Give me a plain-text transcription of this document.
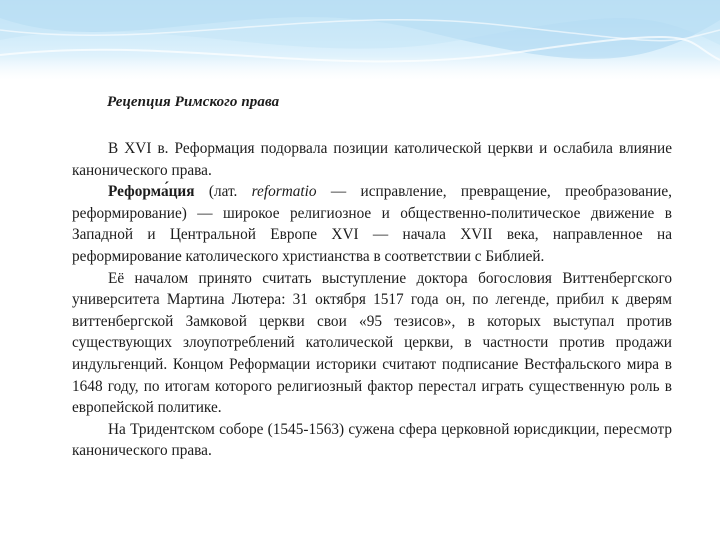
Рецепция Римского права

В XVI в. Реформация подорвала позиции католической церкви и ослабила влияние канонического права.

Реформа́ция (лат. reformatio — исправление, превращение, преобразование, реформирование) — широкое религиозное и общественно-политическое движение в Западной и Центральной Европе XVI — начала XVII века, направленное на реформирование католического христианства в соответствии с Библией.

Её началом принято считать выступление доктора богословия Виттенбергского университета Мартина Лютера: 31 октября 1517 года он, по легенде, прибил к дверям виттенбергской Замковой церкви свои «95 тезисов», в которых выступал против существующих злоупотреблений католической церкви, в частности против продажи индульгенций. Концом Реформации историки считают подписание Вестфальского мира в 1648 году, по итогам которого религиозный фактор перестал играть существенную роль в европейской политике.

На Тридентском соборе (1545-1563) сужена сфера церковной юрисдикции, пересмотр канонического права.
